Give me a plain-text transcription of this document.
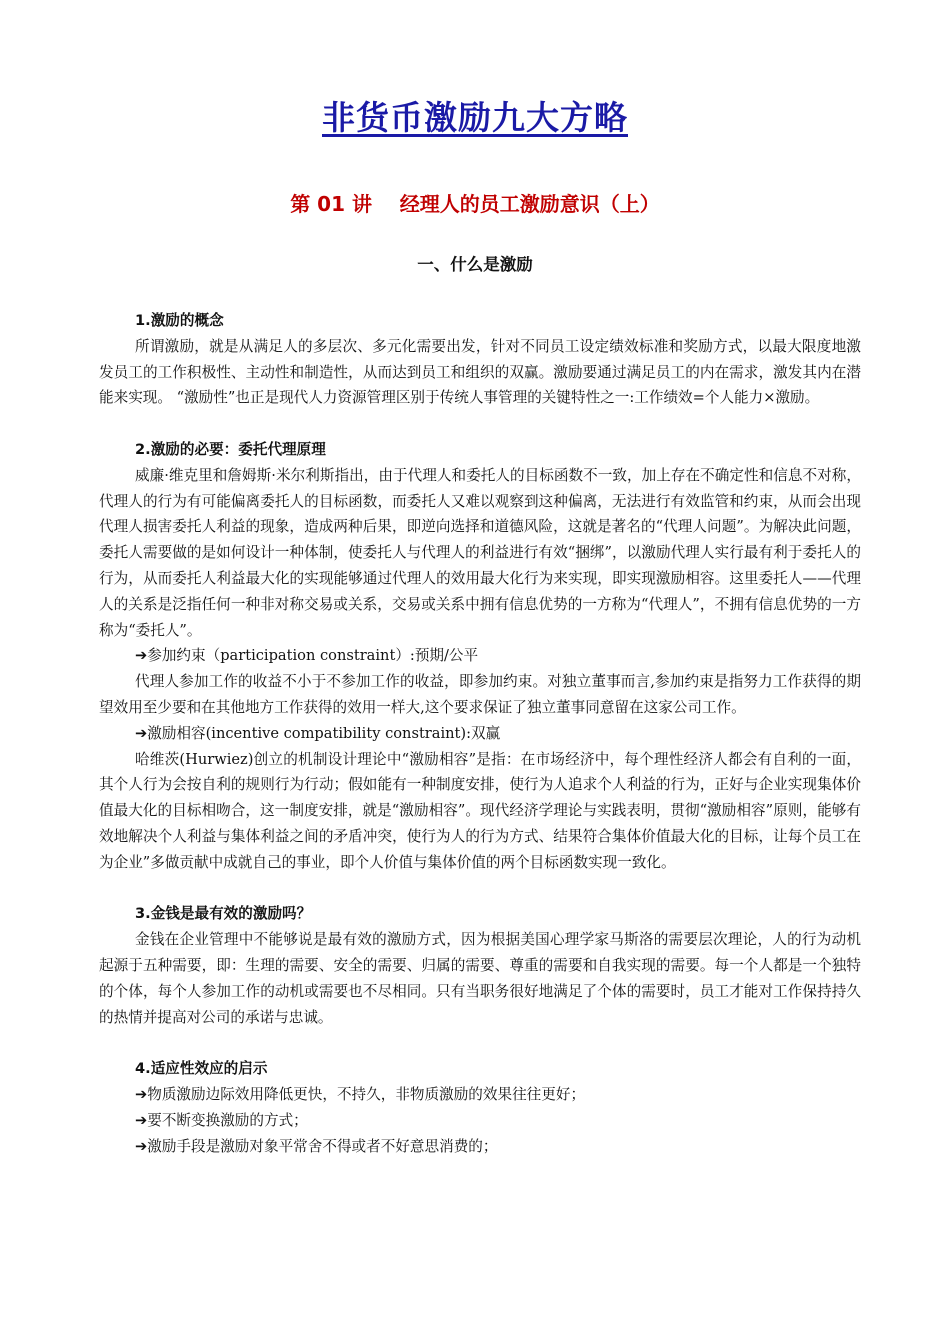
非货币激励九大方略
第 01 讲    经理人的员工激励意识（上）
一、什么是激励
1.激励的概念

所谓激励，就是从满足人的多层次、多元化需要出发，针对不同员工设定绩效标准和奖励方式，以最大限度地激发员工的工作积极性、主动性和制造性，从而达到员工和组织的双赢。激励要通过满足员工的内在需求，激发其内在潜能来实现。 “激励性”也正是现代人力资源管理区别于传统人事管理的关键特性之一:工作绩效=个人能力×激励。

2.激励的必要：委托代理原理

威廉·维克里和詹姆斯·米尔利斯指出，由于代理人和委托人的目标函数不一致，加上存在不确定性和信息不对称，代理人的行为有可能偏离委托人的目标函数，而委托人又难以观察到这种偏离，无法进行有效监管和约束，从而会出现代理人损害委托人利益的现象，造成两种后果，即逆向选择和道德风险，这就是著名的“代理人问题”。为解决此问题，委托人需要做的是如何设计一种体制，使委托人与代理人的利益进行有效“捆绑”，以激励代理人实行最有利于委托人的行为，从而委托人利益最大化的实现能够通过代理人的效用最大化行为来实现，即实现激励相容。这里委托人——代理人的关系是泛指任何一种非对称交易或关系，交易或关系中拥有信息优势的一方称为“代理人”，不拥有信息优势的一方称为“委托人”。

➔参加约束（participation constraint）:预期/公平

代理人参加工作的收益不小于不参加工作的收益，即参加约束。对独立董事而言,参加约束是指努力工作获得的期望效用至少要和在其他地方工作获得的效用一样大,这个要求保证了独立董事同意留在这家公司工作。

➔激励相容(incentive compatibility constraint):双赢

哈维茨(Hurwiez)创立的机制设计理论中“激励相容”是指：在市场经济中，每个理性经济人都会有自利的一面，其个人行为会按自利的规则行为行动；假如能有一种制度安排，使行为人追求个人利益的行为，正好与企业实现集体价值最大化的目标相吻合，这一制度安排，就是“激励相容”。现代经济学理论与实践表明，贯彻“激励相容”原则，能够有效地解决个人利益与集体利益之间的矛盾冲突，使行为人的行为方式、结果符合集体价值最大化的目标，让每个员工在为企业”多做贡献中成就自己的事业，即个人价值与集体价值的两个目标函数实现一致化。

3.金钱是最有效的激励吗？

金钱在企业管理中不能够说是最有效的激励方式，因为根据美国心理学家马斯洛的需要层次理论，人的行为动机起源于五种需要，即：生理的需要、安全的需要、归属的需要、尊重的需要和自我实现的需要。每一个人都是一个独特的个体，每个人参加工作的动机或需要也不尽相同。只有当职务很好地满足了个体的需要时，员工才能对工作保持持久的热情并提高对公司的承诺与忠诚。

4.适应性效应的启示

➔物质激励边际效用降低更快，不持久，非物质激励的效果往往更好；

➔要不断变换激励的方式；

➔激励手段是激励对象平常舍不得或者不好意思消费的；
